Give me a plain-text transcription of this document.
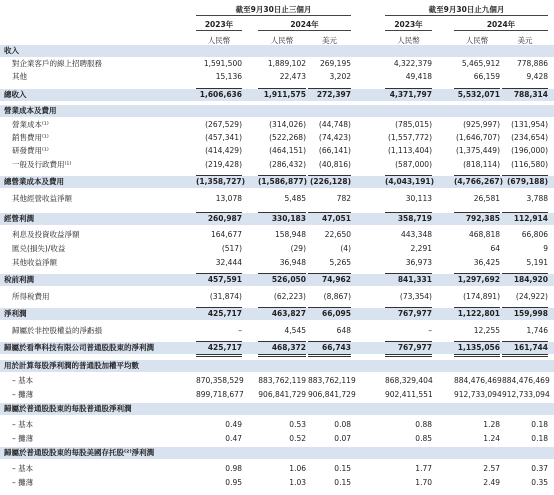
截至9月30日止三個月	截至9月30日止九個月
2023年	2024年	2023年	2024年
人民幣	人民幣	美元	人民幣	人民幣	美元
收入
對企業客戶的線上招聘服務	1,591,500	1,889,102	269,195	4,322,379	5,465,912	778,886
其他	15,136	22,473	3,202	49,418	66,159	9,428
總收入	1,606,636	1,911,575	272,397	4,371,797	5,532,071	788,314
營業成本及費用
營業成本⁽¹⁾	(267,529)	(314,026)	(44,748)	(785,015)	(925,997)	(131,954)
銷售費用⁽¹⁾	(457,341)	(522,268)	(74,423)	(1,557,772)	(1,646,707)	(234,654)
研發費用⁽¹⁾	(414,429)	(464,151)	(66,141)	(1,113,404)	(1,375,449)	(196,000)
一般及行政費用⁽¹⁾	(219,428)	(286,432)	(40,816)	(587,000)	(818,114)	(116,580)
總營業成本及費用	(1,358,727) (1,586,877) (226,128)	(4,043,191)	(4,766,267) (679,188)
其他經營收益淨額	13,078	5,485	782	30,113	26,581	3,788
經營利潤	260,987	330,183	47,051	358,719	792,385	112,914
利息及投資收益淨額	164,677	158,948	22,650	443,348	468,818	66,806
匯兑(損失)/收益	(517)	(29)	(4)	2,291	64	9
其他收益淨額	32,444	36,948	5,265	36,973	36,425	5,191
稅前利潤	457,591	526,050	74,962	841,331	1,297,692	184,920
所得稅費用	(31,874)	(62,223)	(8,867)	(73,354)	(174,891)	(24,922)
淨利潤	425,717	463,827	66,095	767,977	1,122,801	159,998
歸屬於非控股權益的淨虧損	–	4,545	648	–	12,255	1,746
歸屬於看準科技有限公司普通股股東的淨利潤	425,717	468,372	66,743	767,977	1,135,056	161,744
用於計算每股淨利潤的普通股加權平均數
– 基本	870,358,529 883,762,119 883,762,119	868,329,404	884,476,469 884,476,469
– 攤薄	899,718,677 906,841,729 906,841,729	902,411,551	912,733,094 912,733,094
歸屬於普通股股東的每股普通股淨利潤
– 基本	0.49	0.53	0.08	0.88	1.28	0.18
– 攤薄	0.47	0.52	0.07	0.85	1.24	0.18
歸屬於普通股股東的每股美國存托股⁽²⁾淨利潤
– 基本	0.98	1.06	0.15	1.77	2.57	0.37
– 攤薄	0.95	1.03	0.15	1.70	2.49	0.35
